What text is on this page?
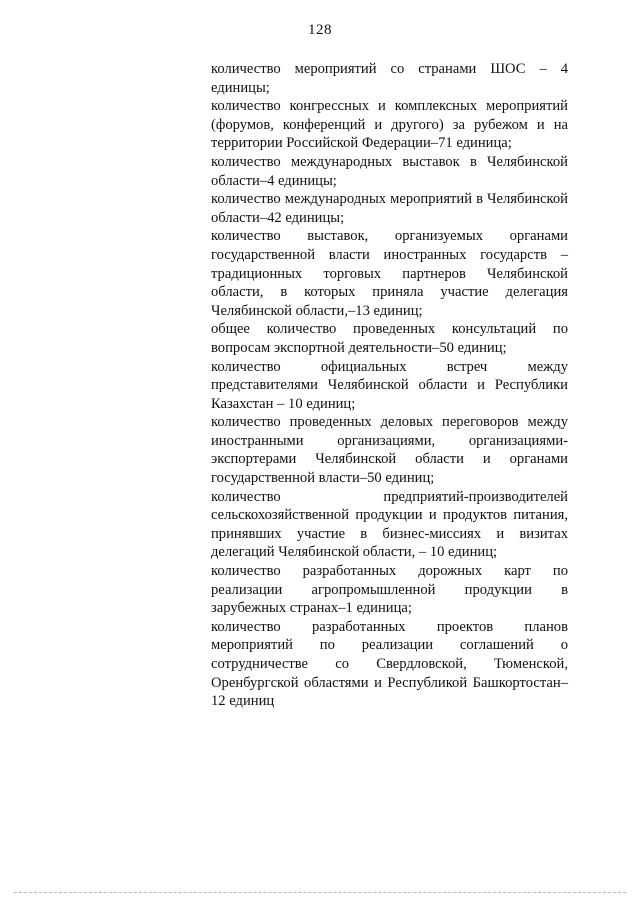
128

количество мероприятий со странами ШОС – 4 единицы;

количество конгрессных и комплексных мероприятий (форумов, конференций и другого) за рубежом и на территории Российской Федерации–71 единица;

количество международных выставок в Челябинской области–4 единицы;

количество международных мероприятий в Челябинской области–42 единицы;

количество выставок, организуемых органами государственной власти иностранных государств – традиционных торговых партнеров Челябинской области, в которых приняла участие делегация Челябинской области,–13 единиц;

общее количество проведенных консультаций по вопросам экспортной деятельности–50 единиц;

количество официальных встреч между представителями Челябинской области и Республики Казахстан – 10 единиц;

количество проведенных деловых переговоров между иностранными организациями, организациями-экспортерами Челябинской области и органами государственной власти–50 единиц;

количество предприятий-производителей сельскохозяйственной продукции и продуктов питания, принявших участие в бизнес-миссиях и визитах делегаций Челябинской области, – 10 единиц;

количество разработанных дорожных карт по реализации агропромышленной продукции в зарубежных странах–1 единица;

количество разработанных проектов планов мероприятий по реализации соглашений о сотрудничестве со Свердловской, Тюменской, Оренбургской областями и Республикой Башкортостан–12 единиц
